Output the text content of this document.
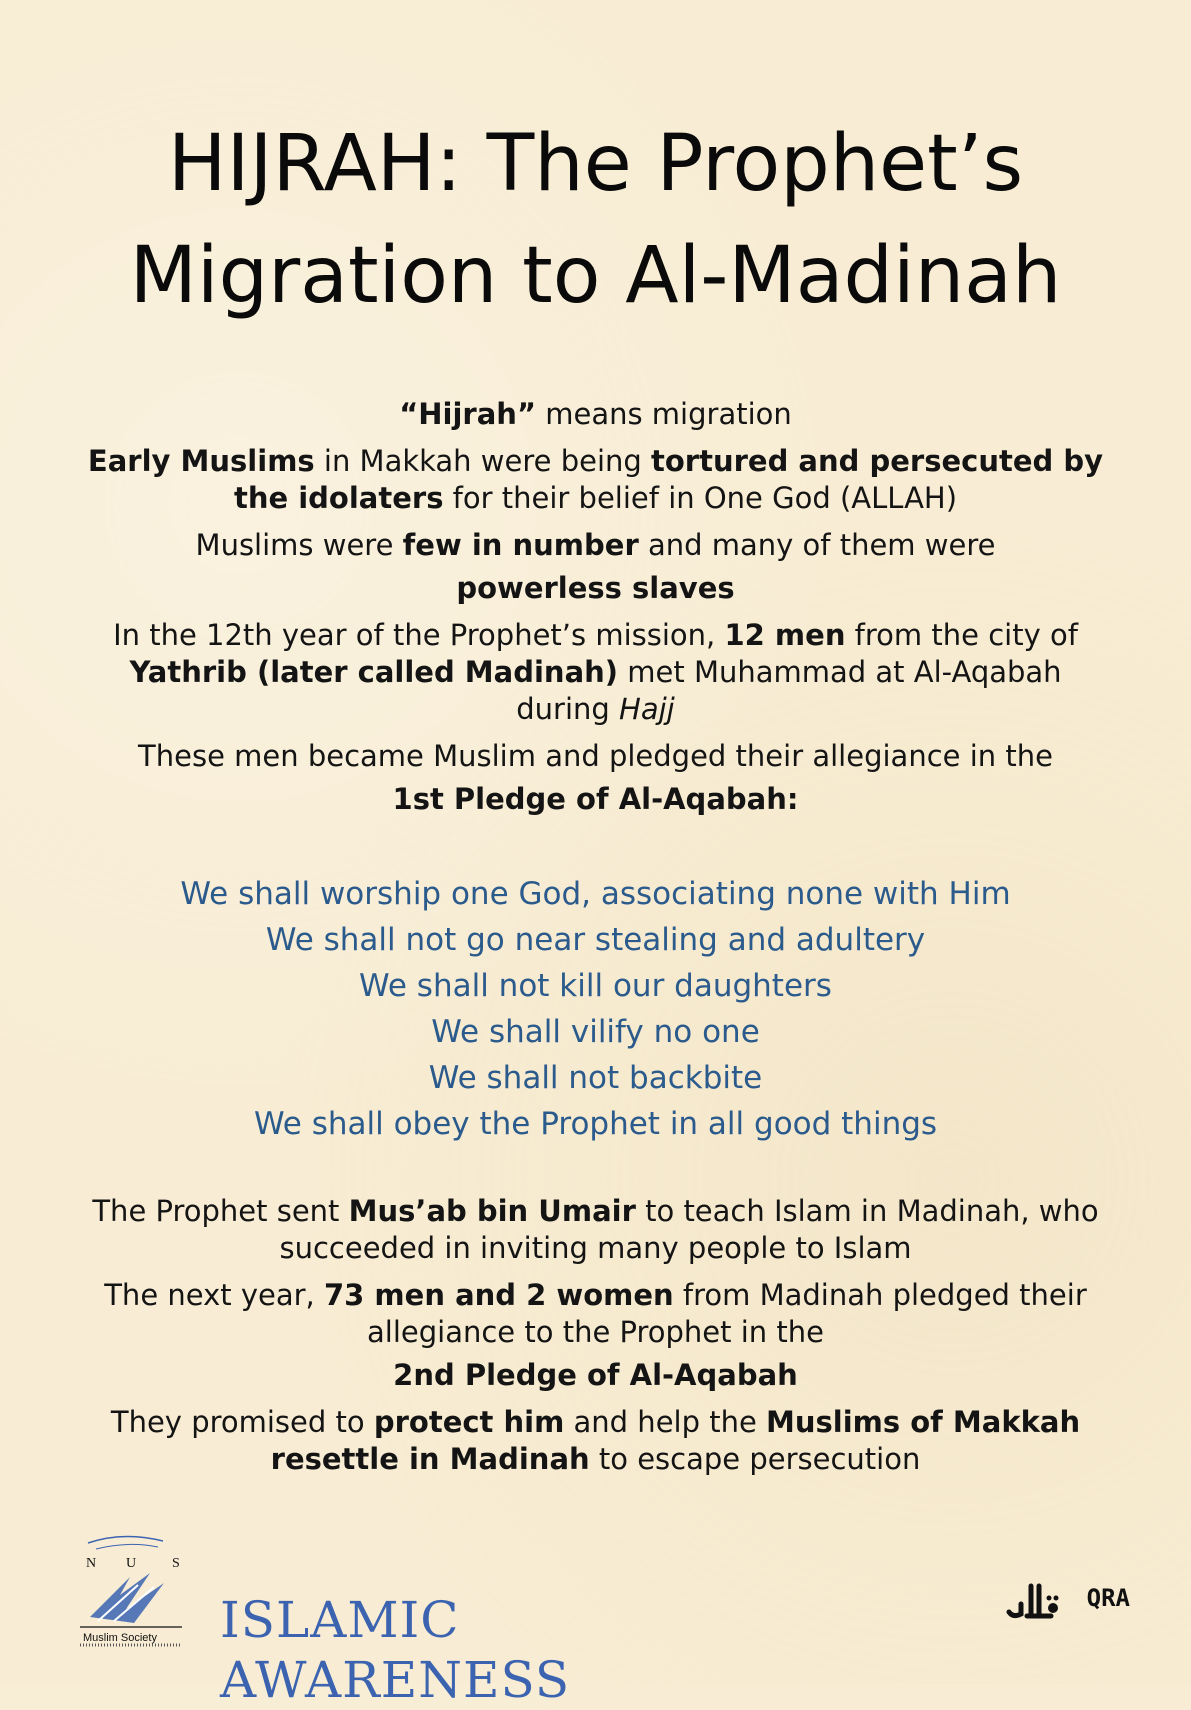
HIJRAH: The Prophet’s
Migration to Al-Madinah

“Hijrah” means migration

Early Muslims in Makkah were being tortured and persecuted by the idolaters for their belief in One God (ALLAH)

Muslims were few in number and many of them were

powerless slaves

In the 12th year of the Prophet’s mission, 12 men from the city of Yathrib (later called Madinah) met Muhammad at Al-Aqabah during Hajj

These men became Muslim and pledged their allegiance in the

1st Pledge of Al-Aqabah:

We shall worship one God, associating none with Him
We shall not go near stealing and adultery
We shall not kill our daughters
We shall vilify no one
We shall not backbite
We shall obey the Prophet in all good things

The Prophet sent Mus’ab bin Umair to teach Islam in Madinah, who succeeded in inviting many people to Islam

The next year, 73 men and 2 women from Madinah pledged their allegiance to the Prophet in the

2nd Pledge of Al-Aqabah

They promised to protect him and help the Muslims of Makkah resettle in Madinah to escape persecution

N U	S
Muslim Society ISLAMIC AWARENESS
QRA
